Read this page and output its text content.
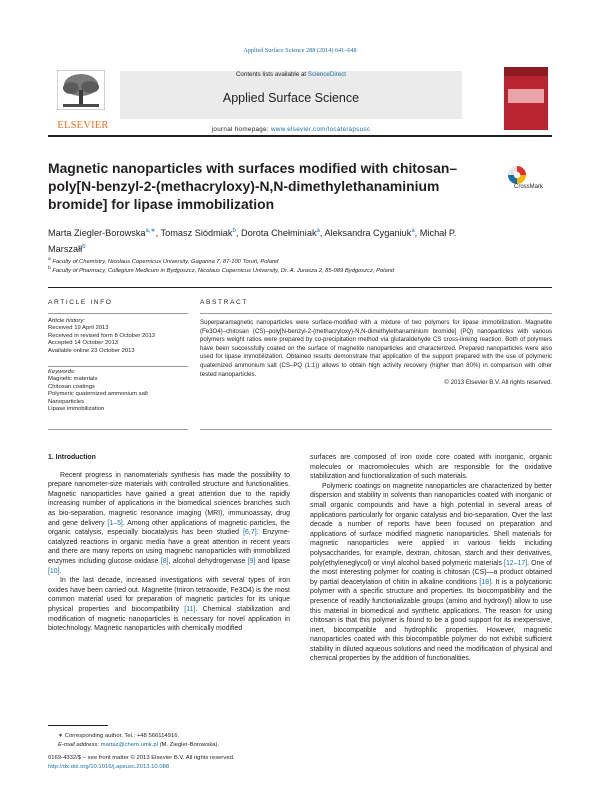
Applied Surface Science 288 (2014) 641–648
ELSEVIER
Contents lists available at ScienceDirect
Applied Surface Science
journal homepage: www.elsevier.com/locate/apsusc
Magnetic nanoparticles with surfaces modified with chitosan–poly[N-benzyl-2-(methacryloxy)-N,N-dimethylethanaminium bromide] for lipase immobilization
CrossMark
Marta Ziegler-Borowska$^{a,∗}$, Tomasz Siódmiak$^b$, Dorota Chełminiak$^a$, Aleksandra Cyganiuk$^a$, Michał P. Marszałł$^b$
$^a$ Faculty of Chemistry, Nicolaus Copernicus University, Gagarina 7, 87-100 Toruń, Poland
$^b$ Faculty of Pharmacy, Collegium Medicum in Bydgoszcz, Nicolaus Copernicus University, Dr. A. Jurasza 2, 85-089 Bydgoszcz, Poland
ARTICLE INFO	ABSTRACT
Article history:
Received 19 April 2013
Received in revised form 8 October 2013
Accepted 14 October 2013
Available online 23 October 2013
Keywords:
Magnetic materials
Chitosan coatings
Polymeric quaternized ammonium salt
Nanoparticles
Lipase immobilization
Superparamagnetic nanoparticles were surface-modified with a mixture of two polymers for lipase immobilization. Magnetite (Fe3O4)–chitosan (CS)–poly[N-benzyl-2-(methacryloxy)-N,N-dimethylethanaminium bromide] (PQ) nanoparticles with various polymers weight ratios were prepared by co-precipitation method via glutaraldehyde CS cross-linking reaction. Both of polymers have been successfully coated on the surface of magnetite nanoparticles and characterized. Prepared nanoparticles were also used for lipase immobilization. Obtained results demonstrate that application of the support prepared with the use of polymeric quaternized ammonium salt (CS–PQ (1:1)) allows to obtain high activity recovery (higher than 80%) in comparison with other tested nanoparticles.
© 2013 Elsevier B.V. All rights reserved.
1. Introduction

Recent progress in nanomaterials synthesis has made the possibility to prepare nanometer-size materials with controlled structure and functionalities. Magnetic nanoparticles have gained a great attention due to the rapidly increasing number of applications in the biomedical sciences branches such as bio-separation, magnetic resonance imaging (MRI), immunoassay, drug and gene delivery [1–5]. Among other applications of magnetic particles, the organic catalysis, especially biocatalysis has been studied [6,7]. Enzyme-catalyzed reactions in organic media have a great attention in recent years and there are many reports on using magnetic nanoparticles with immobilized enzymes including glucose oxidase [8], alcohol dehydrogenase [9] and lipase [10].

In the last decade, increased investigations with several types of iron oxides have been carried out. Magnetite (triiron tetraoxide, Fe3O4) is the most common material used for preparation of magnetic particles for its unique physical properties and biocompatibility [11]. Chemical stabilization and modification of magnetic nanoparticles is necessary for novel application in biotechnology. Magnetic nanoparticles with chemically modified

surfaces are composed of iron oxide core coated with inorganic, organic molecules or macromolecules which are responsible for the oxidative stabilization and functionalization of such materials.

Polymeric coatings on magnetite nanoparticles are characterized by better dispersion and stability in solvents than nanoparticles coated with inorganic or small organic compounds and have a high potential in several areas of applications particularly for organic catalysis and bio-separation. Over the last decade a number of reports have been focused on preparation and applications of surface modified magnetic nanoparticles. Shell materials for magnetic nanoparticles were applied in various fields including polysaccharides, for example, dextran, chitosan, starch and their derivatives, poly(ethyleneglycol) or vinyl alcohol based polymeric materials [12–17]. One of the most interesting polymer for coating is chitosan (CS)—a product obtained by partial deacetylation of chitin in alkaline conditions [18]. It is a polycationic polymer with a specific structure and properties. Its biocompatibility and the presence of readily functionalizable groups (amino and hydroxyl) allow to use this material in biomedical and synthetic applications. The reason for using chitosan is that this polymer is found to be a good support for its inexpensive, inert, biocompatible and hydrophilic properties. However, magnetic nanoparticles coated with this biocompatible polymer do not exhibit sufficient stability in diluted aqueous solutions and need the modification of physical and chemical properties by the addition of functionalities.

∗ Corresponding author. Tel.: +48 566114916.
E-mail address: martaz@chem.umk.pl (M. Ziegler-Borowska).
0169-4332/$ – see front matter © 2013 Elsevier B.V. All rights reserved.
http://dx.doi.org/10.1016/j.apsusc.2013.10.088
